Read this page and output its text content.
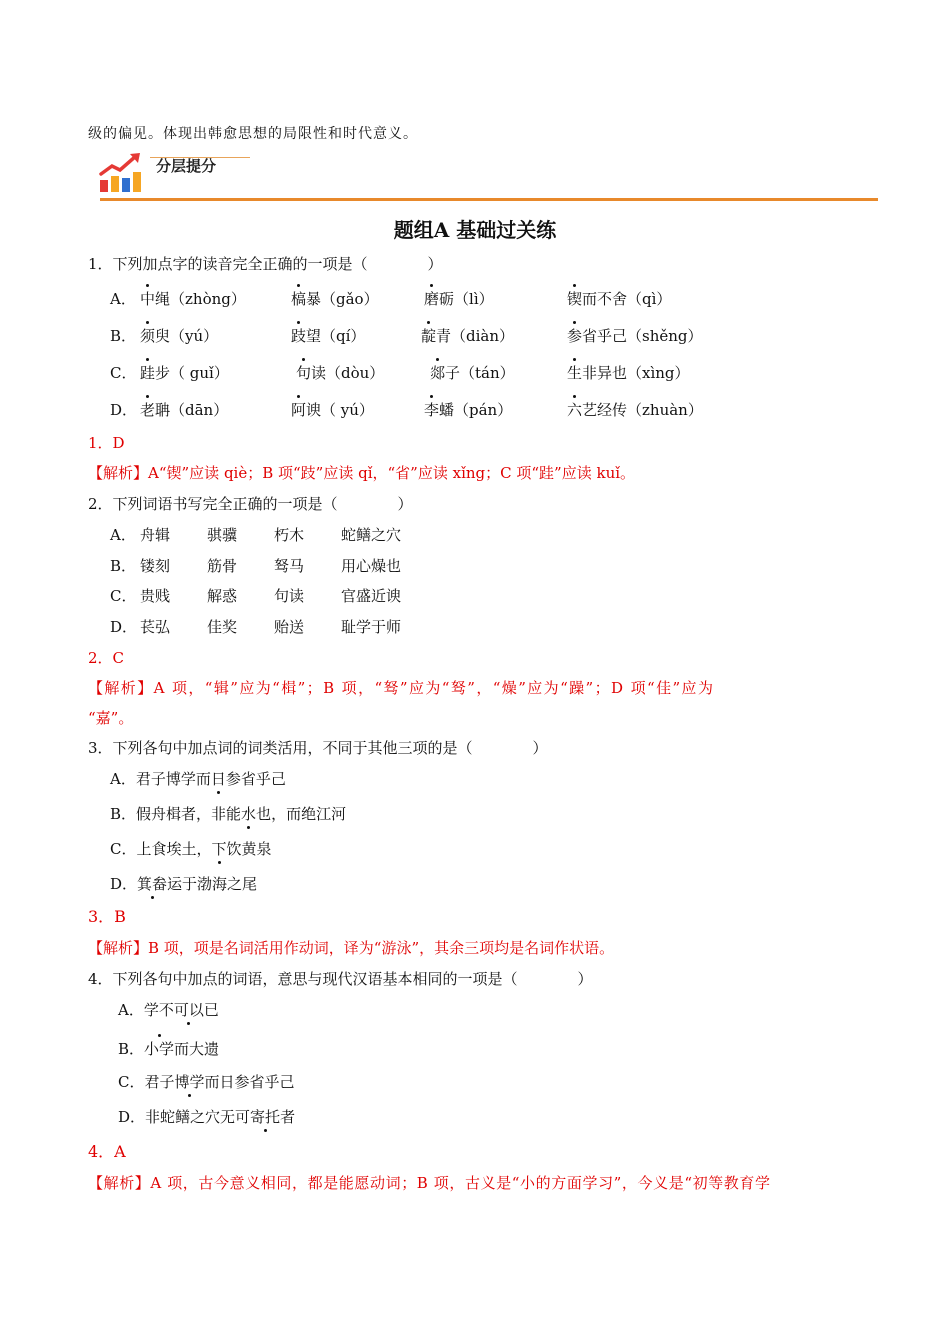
级的偏见。体现出韩愈思想的局限性和时代意义。
分层提分
题组A 基础过关练
1．下列加点字的读音完全正确的一项是（　　　　）
A． 中绳（zhòng）	槁暴（gǎo）	磨砺（lì）	锲而不舍（qì）
B． 须臾（yú）	跂望（qí）	靛青（diàn）	参省乎己（shěng）
C． 跬步（ guǐ）	句读（dòu）	郯子（tán）	生非异也（xìng）
D． 老聃（dān）	阿谀（ yú）	李蟠（pán）	六艺经传（zhuàn）
1．D
【解析】A“锲”应读 qiè；B 项“跂”应读 qǐ，“省”应读 xǐng；C 项“跬”应读 kuǐ。
2．下列词语书写完全正确的一项是（　　　　）
A． 舟辑 骐骥 朽木 蛇鳝之穴
B． 镂刻 筋骨 驽马 用心燥也
C． 贵贱 解惑 句读 官盛近谀
D． 苌弘 佳奖 贻送 耻学于师
2．C
【解析】A 项，“辑”应为“楫”；B 项，“驽”应为“驽”，“燥”应为“躁”；D 项“佳”应为
“嘉”。
3．下列各句中加点词的词类活用，不同于其他三项的是（　　　　）
A．君子博学而日参省乎己
B．假舟楫者，非能水也，而绝江河
C．上食埃土，下饮黄泉
D．箕畚运于渤海之尾
3．B
【解析】B 项，项是名词活用作动词，译为“游泳”，其余三项均是名词作状语。
4．下列各句中加点的词语，意思与现代汉语基本相同的一项是（　　　　）
A．学不可以已
B．小学而大遗
C．君子博学而日参省乎己
D．非蛇鳝之穴无可寄托者
4．A
【解析】A 项，古今意义相同，都是能愿动词；B 项，古义是“小的方面学习”，今义是“初等教育学
